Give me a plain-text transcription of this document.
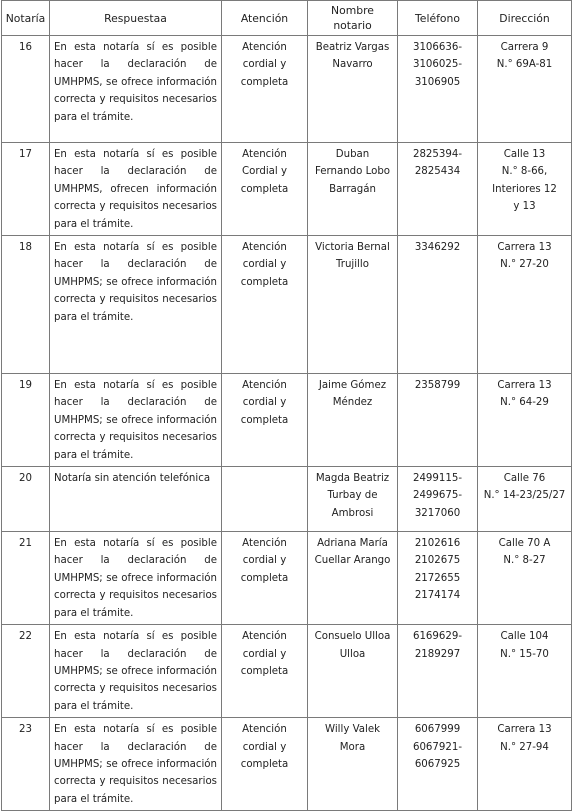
Notaría	Respuestaa	Atención	Nombre notario	Teléfono	Dirección
16	En esta notaría sí es posible hacer la declaración de UMHPMS, se ofrece información correcta y requisitos necesarios para el trámite.	Atención cordial y completa	Beatriz Vargas Navarro	3106636-
3106025-
3106905	Carrera 9
N.° 69A-81

17	En esta notaría sí es posible hacer la declaración de UMHPMS, ofrecen información correcta y requisitos necesarios para el trámite.	Atención Cordial y completa	Duban Fernando Lobo Barragán	2825394-
2825434	Calle 13
N.° 8-66,
Interiores 12
y 13

18	En esta notaría sí es posible hacer la declaración de UMHPMS; se ofrece información correcta y requisitos necesarios para el trámite.	Atención cordial y completa	Victoria Bernal Trujillo	3346292	Carrera 13
N.° 27-20

19	En esta notaría sí es posible hacer la declaración de UMHPMS; se ofrece información correcta y requisitos necesarios para el trámite.	Atención cordial y completa	Jaime Gómez Méndez	2358799	Carrera 13
N.° 64-29

20	Notaría sin atención telefónica		Magda Beatriz Turbay de Ambrosi	2499115-
2499675-
3217060	Calle 76
N.° 14-23/25/27

21	En esta notaría sí es posible hacer la declaración de UMHPMS; se ofrece información correcta y requisitos necesarios para el trámite.	Atención cordial y completa	Adriana María Cuellar Arango	2102616
2102675
2172655
2174174	Calle 70 A
N.° 8-27

22	En esta notaría sí es posible hacer la declaración de UMHPMS; se ofrece información correcta y requisitos necesarios para el trámite.	Atención cordial y completa	Consuelo Ulloa Ulloa	6169629-
2189297	Calle 104
N.° 15-70

23	En esta notaría sí es posible hacer la declaración de UMHPMS; se ofrece información correcta y requisitos necesarios para el trámite.	Atención cordial y completa	Willy Valek Mora	6067999
6067921-
6067925	Carrera 13
N.° 27-94
